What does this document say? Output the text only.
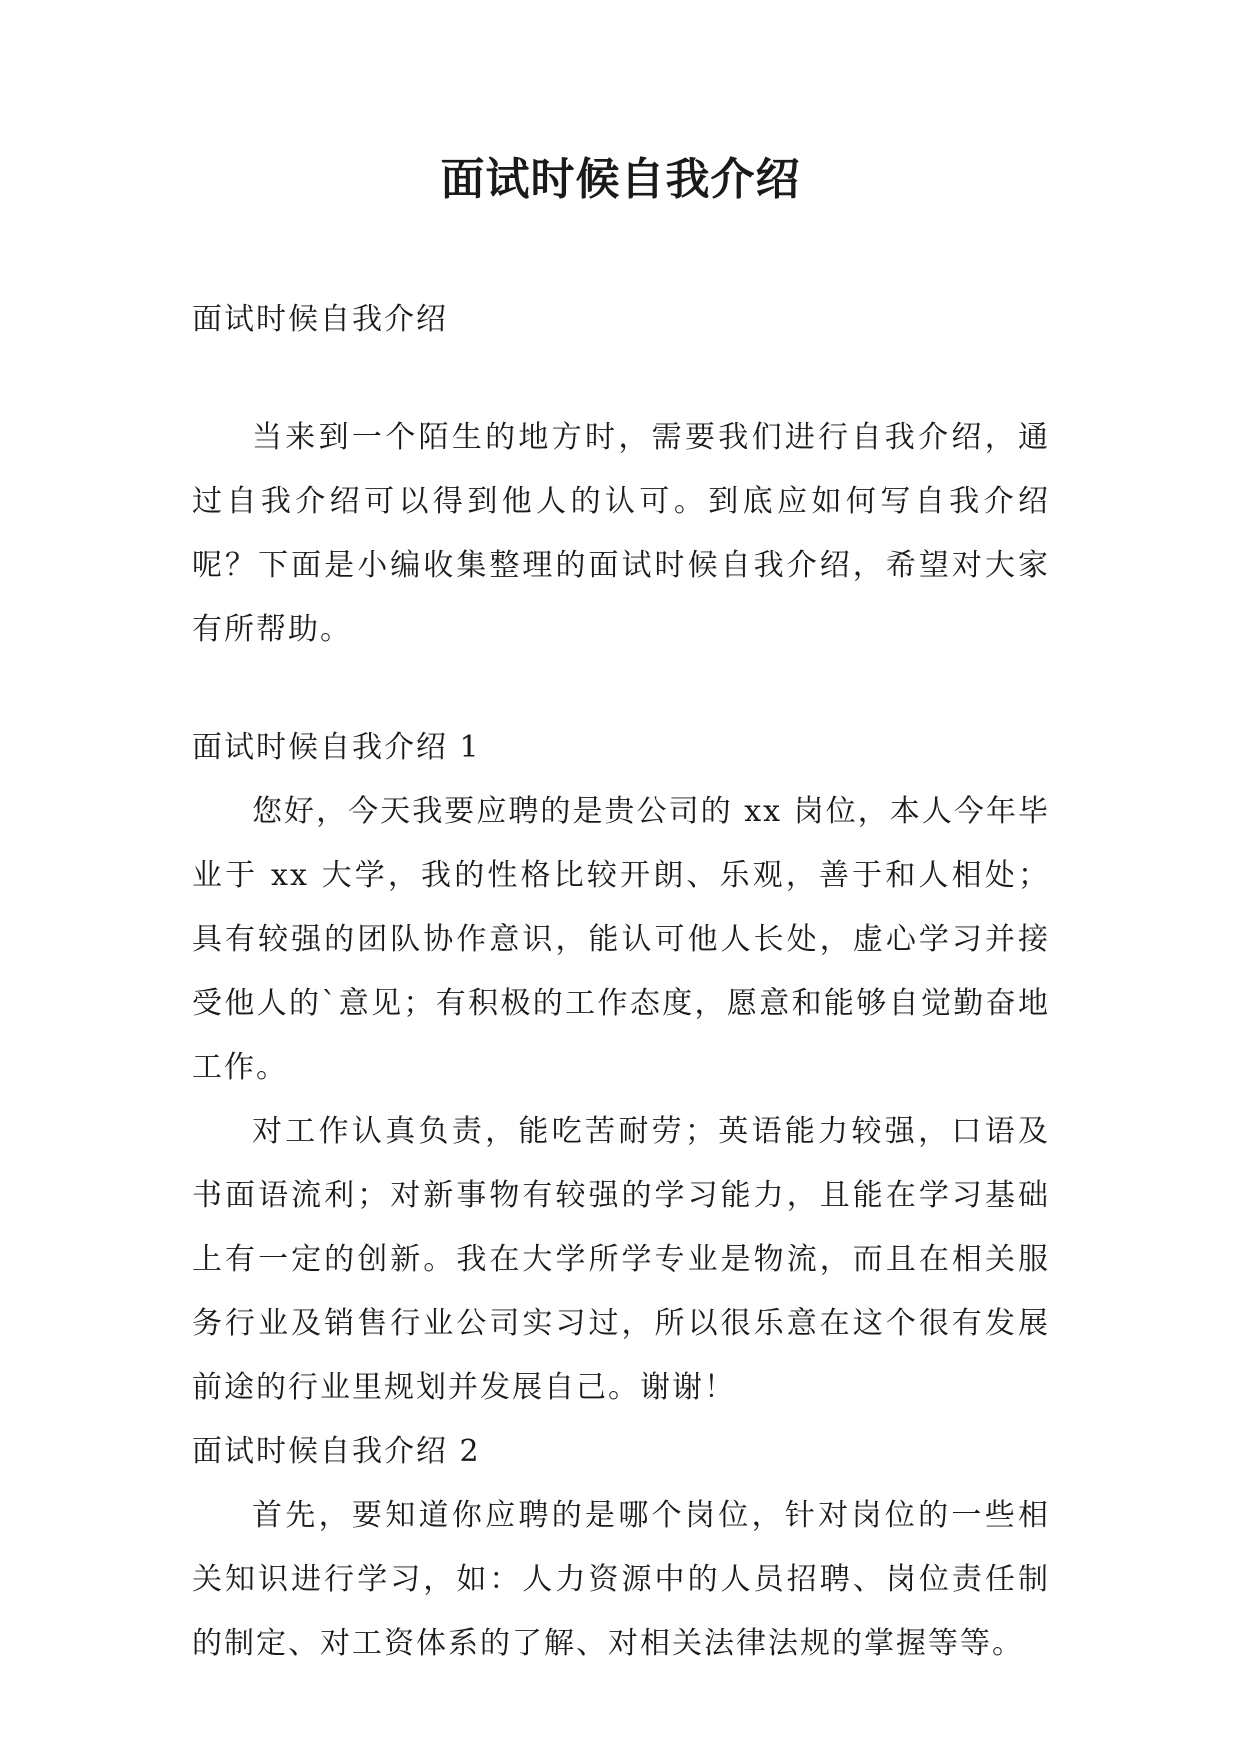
面试时候自我介绍

面试时候自我介绍

当来到一个陌生的地方时，需要我们进行自我介绍，通过自我介绍可以得到他人的认可。到底应如何写自我介绍呢？下面是小编收集整理的面试时候自我介绍，希望对大家有所帮助。

面试时候自我介绍 1

您好，今天我要应聘的是贵公司的 xx 岗位，本人今年毕业于 xx 大学，我的性格比较开朗、乐观，善于和人相处；具有较强的团队协作意识，能认可他人长处，虚心学习并接受他人的`意见；有积极的工作态度，愿意和能够自觉勤奋地工作。

对工作认真负责，能吃苦耐劳；英语能力较强，口语及书面语流利；对新事物有较强的学习能力，且能在学习基础上有一定的创新。我在大学所学专业是物流，而且在相关服务行业及销售行业公司实习过，所以很乐意在这个很有发展前途的行业里规划并发展自己。谢谢！

面试时候自我介绍 2

首先，要知道你应聘的是哪个岗位，针对岗位的一些相关知识进行学习，如：人力资源中的人员招聘、岗位责任制的制定、对工资体系的了解、对相关法律法规的掌握等等。
